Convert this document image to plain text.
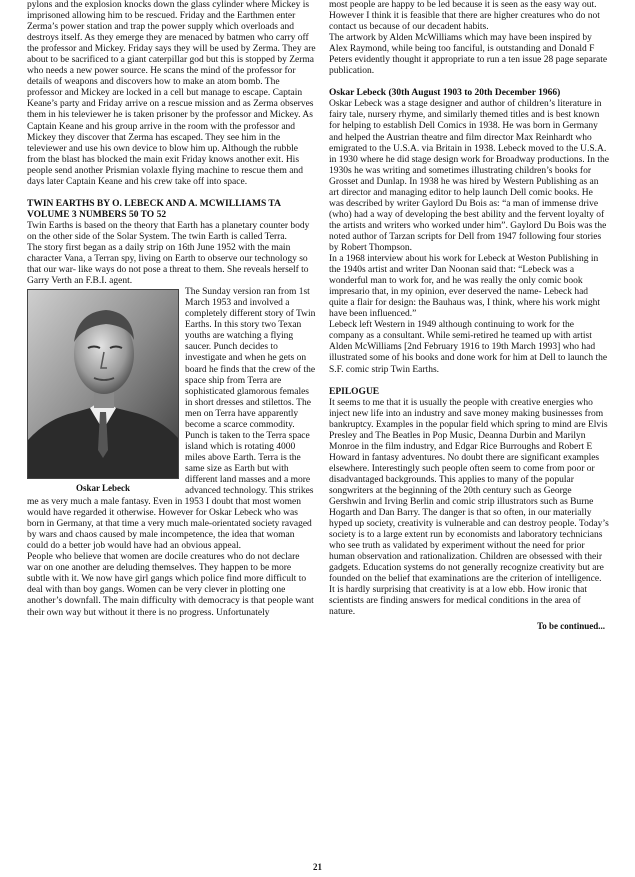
pylons and the explosion knocks down the glass cylinder where Mickey is imprisoned allowing him to be rescued. Friday and the Earthmen enter Zerma’s power station and trap the power supply which overloads and destroys itself. As they emerge they are menaced by batmen who carry off the professor and Mickey. Friday says they will be used by Zerma. They are about to be sacrificed to a giant caterpillar god but this is stopped by Zerma who needs a new power source. He scans the mind of the professor for details of weapons and discovers how to make an atom bomb. The professor and Mickey are locked in a cell but manage to escape. Captain Keane’s party and Friday arrive on a rescue mission and as Zerma observes them in his televiewer he is taken prisoner by the professor and Mickey. As Captain Keane and his group arrive in the room with the professor and Mickey they discover that Zerma has escaped. They see him in the televiewer and use his own device to blow him up. Although the rubble from the blast has blocked the main exit Friday knows another exit. His people send another Prismian volaxle flying machine to rescue them and days later Captain Keane and his crew take off into space.

TWIN EARTHS BY O. LEBECK AND A. MCWILLIAMS TA VOLUME 3 NUMBERS 50 TO 52

Twin Earths is based on the theory that Earth has a planetary counter body on the other side of the Solar System. The twin Earth is called Terra.

The story first began as a daily strip on 16th June 1952 with the main character Vana, a Terran spy, living on Earth to observe our technology so that our war- like ways do not pose a threat to them. She reveals herself to Garry Verth an F.B.I. agent.

Oskar Lebeck

The Sunday version ran from 1st March 1953 and involved a completely different story of Twin Earths. In this story two Texan youths are watching a flying saucer. Punch decides to investigate and when he gets on board he finds that the crew of the space ship from Terra are sophisticated glamorous females in short dresses and stilettos. The men on Terra have apparently become a scarce commodity. Punch is taken to the Terra space island which is rotating 4000 miles above Earth. Terra is the same size as Earth but with different land masses and a more advanced technology. This strikes me as very much a male fantasy. Even in 1953 I doubt that most women would have regarded it otherwise. However for Oskar Lebeck who was born in Germany, at that time a very much male-orientated society ravaged by wars and chaos caused by male incompetence, the idea that woman could do a better job would have had an obvious appeal.

People who believe that women are docile creatures who do not declare war on one another are deluding themselves. They happen to be more subtle with it. We now have girl gangs which police find more difficult to deal with than boy gangs. Women can be very clever in plotting one another’s downfall. The main difficulty with democracy is that people want their own way but without it there is no progress. Unfortunately

most people are happy to be led because it is seen as the easy way out. However I think it is feasible that there are higher creatures who do not contact us because of our decadent habits.

The artwork by Alden McWilliams which may have been inspired by Alex Raymond, while being too fanciful, is outstanding and Donald F Peters evidently thought it appropriate to run a ten issue 28 page separate publication.

Oskar Lebeck (30th August 1903 to 20th December 1966)

Oskar Lebeck was a stage designer and author of children’s literature in fairy tale, nursery rhyme, and similarly themed titles and is best known for helping to establish Dell Comics in 1938. He was born in Germany and helped the Austrian theatre and film director Max Reinhardt who emigrated to the U.S.A. via Britain in 1938. Lebeck moved to the U.S.A. in 1930 where he did stage design work for Broadway productions. In the 1930s he was writing and sometimes illustrating children’s books for Grosset and Dunlap. In 1938 he was hired by Western Publishing as an art director and managing editor to help launch Dell comic books. He was described by writer Gaylord Du Bois as: “a man of immense drive (who) had a way of developing the best ability and the fervent loyalty of the artists and writers who worked under him”. Gaylord Du Bois was the noted author of Tarzan scripts for Dell from 1947 following four stories by Robert Thompson.

In a 1968 interview about his work for Lebeck at Weston Publishing in the 1940s artist and writer Dan Noonan said that: “Lebeck was a wonderful man to work for, and he was really the only comic book impresario that, in my opinion, ever deserved the name- Lebeck had quite a flair for design: the Bauhaus was, I think, where his work might have been influenced.”

Lebeck left Western in 1949 although continuing to work for the company as a consultant. While semi-retired he teamed up with artist Alden McWilliams [2nd February 1916 to 19th March 1993] who had illustrated some of his books and done work for him at Dell to launch the S.F. comic strip Twin Earths.

EPILOGUE

It seems to me that it is usually the people with creative energies who inject new life into an industry and save money making businesses from bankruptcy. Examples in the popular field which spring to mind are Elvis Presley and The Beatles in Pop Music, Deanna Durbin and Marilyn Monroe in the film industry, and Edgar Rice Burroughs and Robert E Howard in fantasy adventures. No doubt there are significant examples elsewhere. Interestingly such people often seem to come from poor or disadvantaged backgrounds. This applies to many of the popular songwriters at the beginning of the 20th century such as George Gershwin and Irving Berlin and comic strip illustrators such as Burne Hogarth and Dan Barry. The danger is that so often, in our materially hyped up society, creativity is vulnerable and can destroy people. Today’s society is to a large extent run by economists and laboratory technicians who see truth as validated by experiment without the need for prior human observation and rationalization. Children are obsessed with their gadgets. Education systems do not generally recognize creativity but are founded on the belief that examinations are the criterion of intelligence. It is hardly surprising that creativity is at a low ebb. How ironic that scientists are finding answers for medical conditions in the area of nature.

To be continued...
21
